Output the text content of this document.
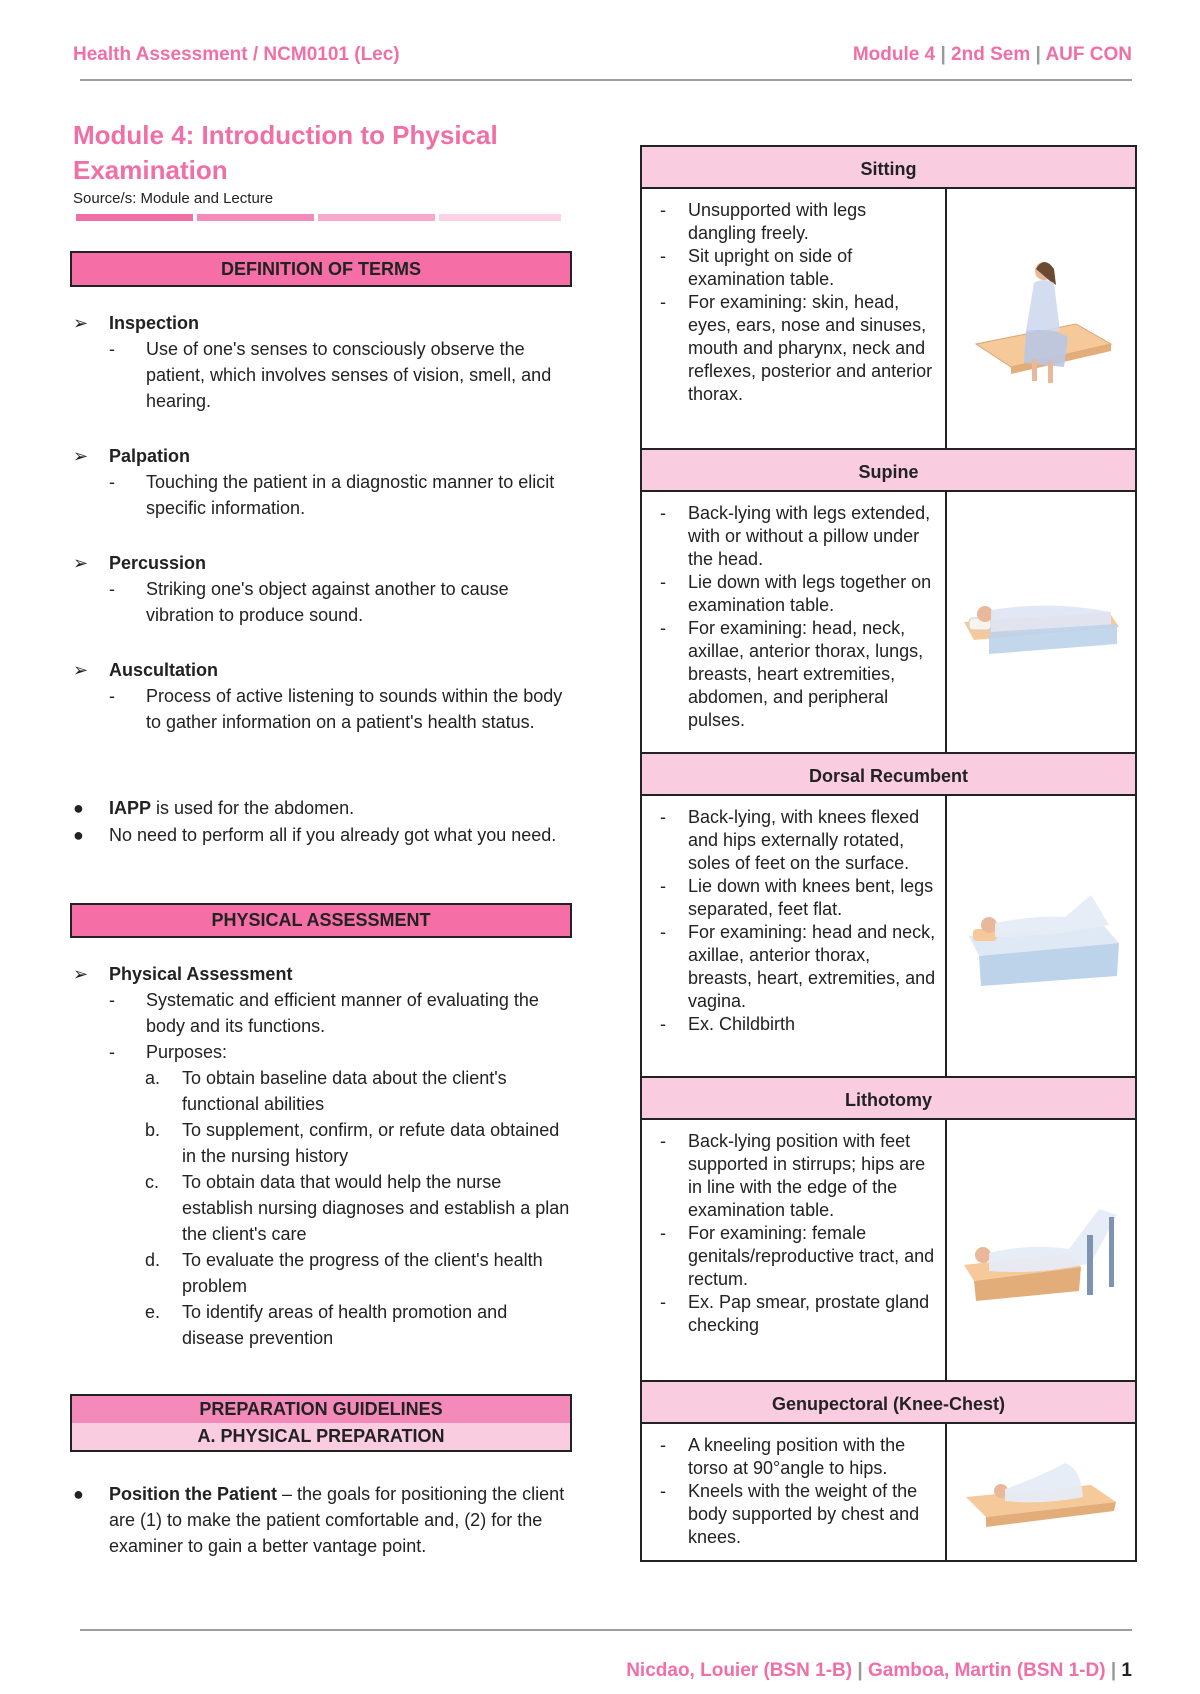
Health Assessment / NCM0101 (Lec)	Module 4 | 2nd Sem | AUF CON
Module 4: Introduction to Physical Examination
Source/s: Module and Lecture
DEFINITION OF TERMS
➢ Inspection
- Use of one's senses to consciously observe the patient, which involves senses of vision, smell, and hearing.
➢ Palpation
- Touching the patient in a diagnostic manner to elicit specific information.
➢ Percussion
- Striking one's object against another to cause vibration to produce sound.
➢ Auscultation
- Process of active listening to sounds within the body to gather information on a patient's health status.
● IAPP is used for the abdomen.
● No need to perform all if you already got what you need.
PHYSICAL ASSESSMENT
➢ Physical Assessment
- Systematic and efficient manner of evaluating the body and its functions.
- Purposes:
a. To obtain baseline data about the client's functional abilities
b. To supplement, confirm, or refute data obtained in the nursing history
c. To obtain data that would help the nurse establish nursing diagnoses and establish a plan the client's care
d. To evaluate the progress of the client's health problem
e. To identify areas of health promotion and disease prevention
PREPARATION GUIDELINES
A. PHYSICAL PREPARATION
● Position the Patient – the goals for positioning the client are (1) to make the patient comfortable and, (2) for the examiner to gain a better vantage point.
Sitting
- Unsupported with legs dangling freely.
- Sit upright on side of examination table.
- For examining: skin, head, eyes, ears, nose and sinuses, mouth and pharynx, neck and reflexes, posterior and anterior thorax.
Supine
- Back-lying with legs extended, with or without a pillow under the head.
- Lie down with legs together on examination table.
- For examining: head, neck, axillae, anterior thorax, lungs, breasts, heart extremities, abdomen, and peripheral pulses.
Dorsal Recumbent
- Back-lying, with knees flexed and hips externally rotated, soles of feet on the surface.
- Lie down with knees bent, legs separated, feet flat.
- For examining: head and neck, axillae, anterior thorax, breasts, heart, extremities, and vagina.
- Ex. Childbirth
Lithotomy
- Back-lying position with feet supported in stirrups; hips are in line with the edge of the examination table.
- For examining: female genitals/reproductive tract, and rectum.
- Ex. Pap smear, prostate gland checking
Genupectoral (Knee-Chest)
- A kneeling position with the torso at 90°angle to hips.
- Kneels with the weight of the body supported by chest and knees.
Nicdao, Louier (BSN 1-B) | Gamboa, Martin (BSN 1-D) | 1
